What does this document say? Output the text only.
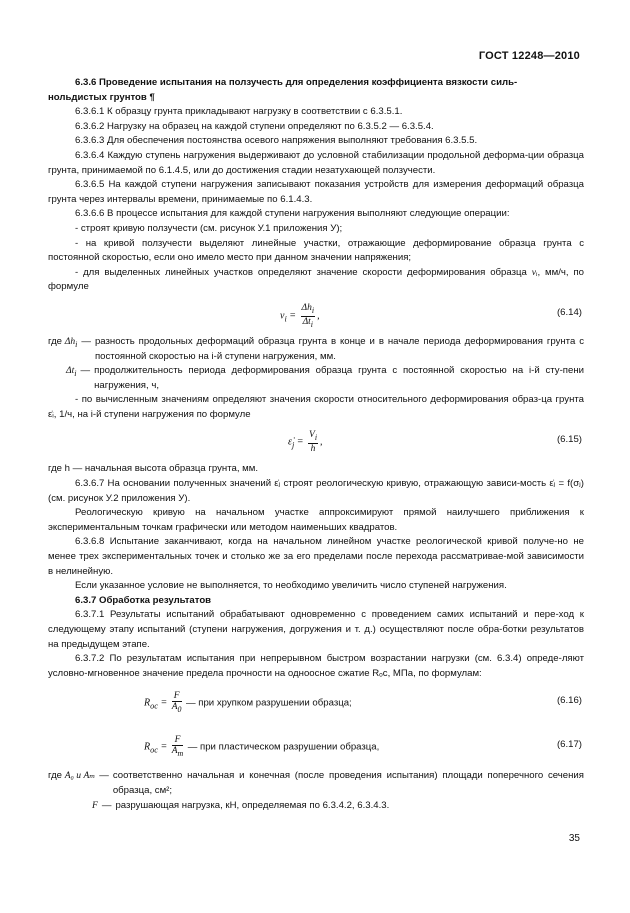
ГОСТ 12248—2010

6.3.6 Проведение испытания на ползучесть для определения коэффициента вязкости силь-

нольдистых грунтов ¶

6.3.6.1 К образцу грунта прикладывают нагрузку в соответствии с 6.3.5.1.

6.3.6.2 Нагрузку на образец на каждой ступени определяют по 6.3.5.2 — 6.3.5.4.

6.3.6.3 Для обеспечения постоянства осевого напряжения выполняют требования 6.3.5.5.

6.3.6.4 Каждую ступень нагружения выдерживают до условной стабилизации продольной деформа-ции образца грунта, принимаемой по 6.1.4.5, или до достижения стадии незатухающей ползучести.

6.3.6.5 На каждой ступени нагружения записывают показания устройств для измерения деформаций образца грунта через интервалы времени, принимаемые по 6.1.4.3.

6.3.6.6 В процессе испытания для каждой ступени нагружения выполняют следующие операции:

- строят кривую ползучести (см. рисунок У.1 приложения У);

- на кривой ползучести выделяют линейные участки, отражающие деформирование образца грунта с постоянной скоростью, если оно имело место при данном значении напряжения;

- для выделенных линейных участков определяют значение скорости деформирования образца vᵢ, мм/ч, по формуле

$v_i = \frac{\Delta h_i}{\Delta t_i}$ ,	(6.14)
где $\Delta h_i$ — разность продольных деформаций образца грунта в конце и в начале периода деформирования грунта с постоянной скоростью на i-й ступени нагружения, мм.
$\Delta t_i$ — продолжительность периода деформирования образца грунта с постоянной скоростью на i-й сту-пени нагружения, ч,

- по вычисленным значениям определяют значения скорости относительного деформирования образ-ца грунта ε̇ᵢ, 1/ч, на i-й ступени нагружения по формуле

$\varepsiloṅ_j = \frac{V_i}{h}$ ,	(6.15)

где h — начальная высота образца грунта, мм.

6.3.6.7 На основании полученных значений ε̇ⱼ строят реологическую кривую, отражающую зависи-мость ε̇ⱼ = f(σⱼ) (см. рисунок У.2 приложения У).

Реологическую кривую на начальном участке аппроксимируют прямой наилучшего приближения к экспериментальным точкам графически или методом наименьших квадратов.

6.3.6.8 Испытание заканчивают, когда на начальном линейном участке реологической кривой получе-но не менее трех экспериментальных точек и столько же за его пределами после перехода рассматривае-мой зависимости в нелинейную.

Если указанное условие не выполняется, то необходимо увеличить число ступеней нагружения.

6.3.7 Обработка результатов

6.3.7.1 Результаты испытаний обрабатывают одновременно с проведением самих испытаний и пере-ход к следующему этапу испытаний (ступени нагружения, догружения и т. д.) осуществляют после обра-ботки результатов на предыдущем этапе.

6.3.7.2 По результатам испытания при непрерывном быстром возрастании нагрузки (см. 6.3.4) опреде-ляют условно-мгновенное значение предела прочности на одноосное сжатие Rₒc, МПа, по формулам:

$R_{oc} = \frac{F}{A_0}$ — при хрупком разрушении образца;	(6.16)
$R_{oc} = \frac{F}{A_m}$ — при пластическом разрушении образца,	(6.17)
где A₀ и Aₘ — соответственно начальная и конечная (после проведения испытания) площади поперечного сечения образца, см²;
F — разрушающая нагрузка, кН, определяемая по 6.3.4.2, 6.3.4.3.
35
